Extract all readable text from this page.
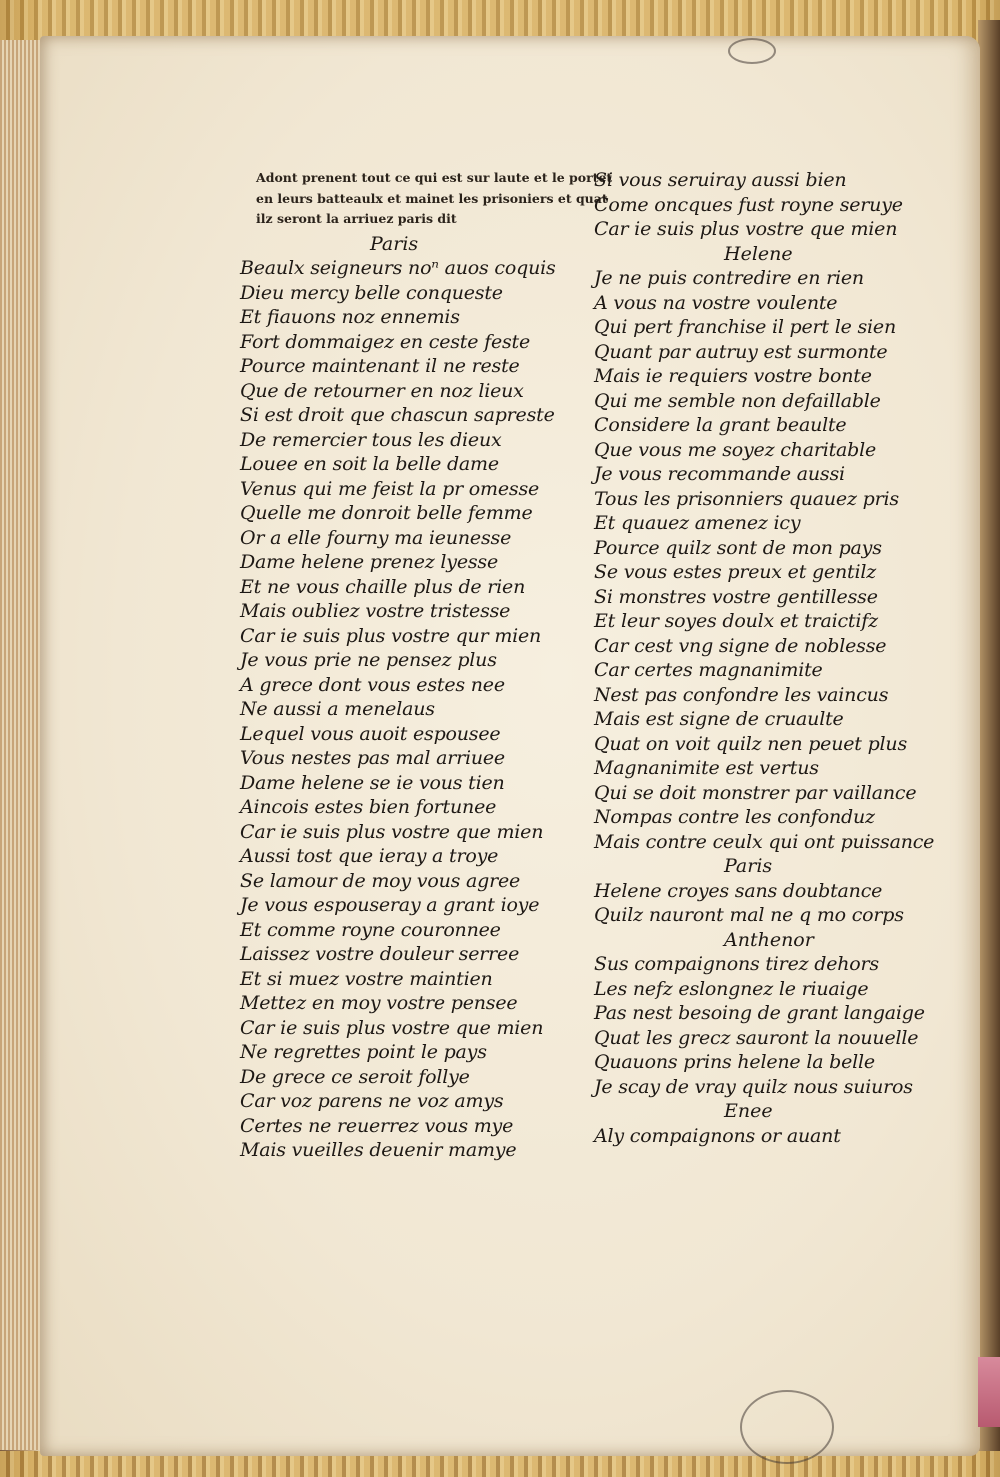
Adont prenent tout ce qui est sur laute et le portet
en leurs batteaulx et mainet les prisoniers et quat
ilz seront la arriuez paris dit
Paris
Beaulx seigneurs noⁿ auos coquis
Dieu mercy belle conqueste
Et fiauons noz ennemis
Fort dommaigez en ceste feste
Pource maintenant il ne reste
Que de retourner en noz lieux
Si est droit que chascun sapreste
De remercier tous les dieux
Louee en soit la belle dame
Venus qui me feist la pr omesse
Quelle me donroit belle femme
Or a elle fourny ma ieunesse
Dame helene prenez lyesse
Et ne vous chaille plus de rien
Mais oubliez vostre tristesse
Car ie suis plus vostre qur mien
Je vous prie ne pensez plus
A grece dont vous estes nee
Ne aussi a menelaus
Lequel vous auoit espousee
Vous nestes pas mal arriuee
Dame helene se ie vous tien
Aincois estes bien fortunee
Car ie suis plus vostre que mien
Aussi tost que ieray a troye
Se lamour de moy vous agree
Je vous espouseray a grant ioye
Et comme royne couronnee
Laissez vostre douleur serree
Et si muez vostre maintien
Mettez en moy vostre pensee
Car ie suis plus vostre que mien
Ne regrettes point le pays
De grece ce seroit follye
Car voz parens ne voz amys
Certes ne reuerrez vous mye
Mais vueilles deuenir mamye
Si vous seruiray aussi bien
Come oncques fust royne seruye
Car ie suis plus vostre que mien
Helene
Je ne puis contredire en rien
A vous na vostre voulente
Qui pert franchise il pert le sien
Quant par autruy est surmonte
Mais ie requiers vostre bonte
Qui me semble non defaillable
Considere la grant beaulte
Que vous me soyez charitable
Je vous recommande aussi
Tous les prisonniers quauez pris
Et quauez amenez icy
Pource quilz sont de mon pays
Se vous estes preux et gentilz
Si monstres vostre gentillesse
Et leur soyes doulx et traictifz
Car cest vng signe de noblesse
Car certes magnanimite
Nest pas confondre les vaincus
Mais est signe de cruaulte
Quat on voit quilz nen peuet plus
Magnanimite est vertus
Qui se doit monstrer par vaillance
Nompas contre les confonduz
Mais contre ceulx qui ont puissance
Paris
Helene croyes sans doubtance
Quilz nauront mal ne q mo corps
Anthenor
Sus compaignons tirez dehors
Les nefz eslongnez le riuaige
Pas nest besoing de grant langaige
Quat les grecz sauront la nouuelle
Quauons prins helene la belle
Je scay de vray quilz nous suiuros
Enee
Aly compaignons or auant
